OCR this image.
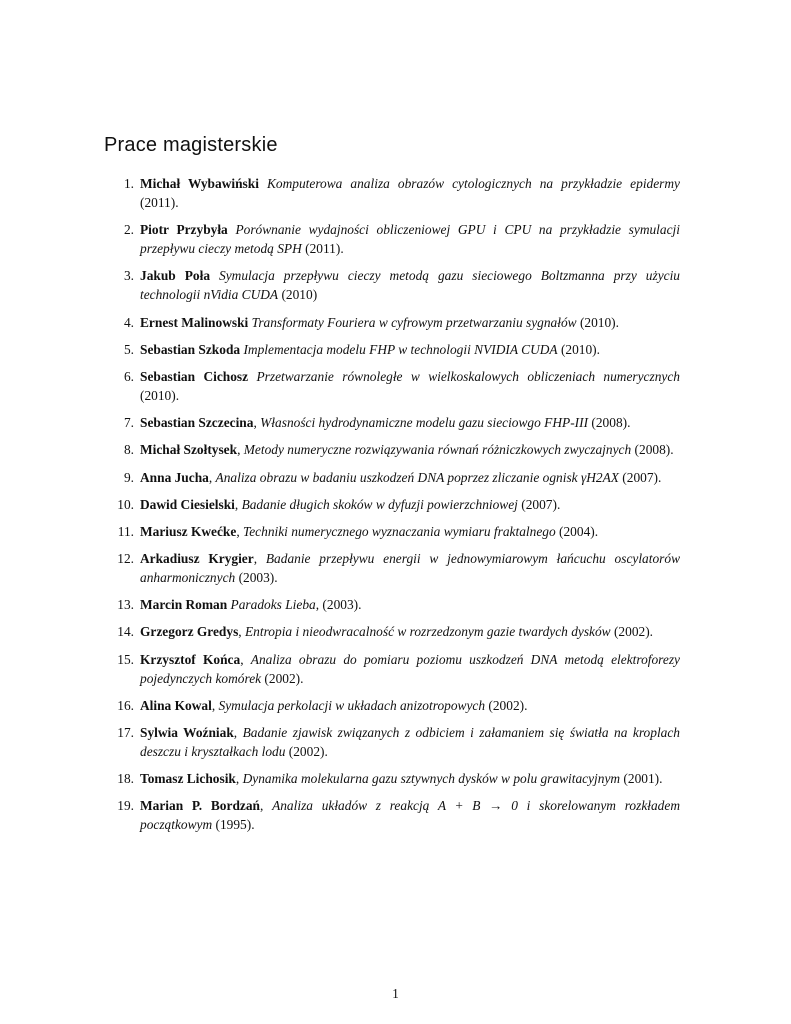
Prace magisterskie
1. Michał Wybawiński Komputerowa analiza obrazów cytologicznych na przykładzie epidermy (2011).
2. Piotr Przybyła Porównanie wydajności obliczeniowej GPU i CPU na przykładzie symulacji przepływu cieczy metodą SPH (2011).
3. Jakub Poła Symulacja przepływu cieczy metodą gazu sieciowego Boltzmanna przy użyciu technologii nVidia CUDA (2010)
4. Ernest Malinowski Transformaty Fouriera w cyfrowym przetwarzaniu sygnałów (2010).
5. Sebastian Szkoda Implementacja modelu FHP w technologii NVIDIA CUDA (2010).
6. Sebastian Cichosz Przetwarzanie równoległe w wielkoskalowych obliczeniach numerycznych (2010).
7. Sebastian Szczecina, Własności hydrodynamiczne modelu gazu sieciowgo FHP-III (2008).
8. Michał Szołtysek, Metody numeryczne rozwiązywania równań różniczkowych zwyczajnych (2008).
9. Anna Jucha, Analiza obrazu w badaniu uszkodzeń DNA poprzez zliczanie ognisk γH2AX (2007).
10. Dawid Ciesielski, Badanie długich skoków w dyfuzji powierzchniowej (2007).
11. Mariusz Kwećke, Techniki numerycznego wyznaczania wymiaru fraktalnego (2004).
12. Arkadiusz Krygier, Badanie przepływu energii w jednowymiarowym łańcuchu oscylatorów anharmonicznych (2003).
13. Marcin Roman Paradoks Lieba, (2003).
14. Grzegorz Gredys, Entropia i nieodwracalność w rozrzedzonym gazie twardych dysków (2002).
15. Krzysztof Końca, Analiza obrazu do pomiaru poziomu uszkodzeń DNA metodą elektroforezy pojedynczych komórek (2002).
16. Alina Kowal, Symulacja perkolacji w układach anizotropowych (2002).
17. Sylwia Woźniak, Badanie zjawisk związanych z odbiciem i załamaniem się światła na kroplach deszczu i kryształkach lodu (2002).
18. Tomasz Lichosik, Dynamika molekularna gazu sztywnych dysków w polu grawitacyjnym (2001).
19. Marian P. Bordzań, Analiza układów z reakcją A + B → 0 i skorelowanym rozkładem początkowym (1995).
1
